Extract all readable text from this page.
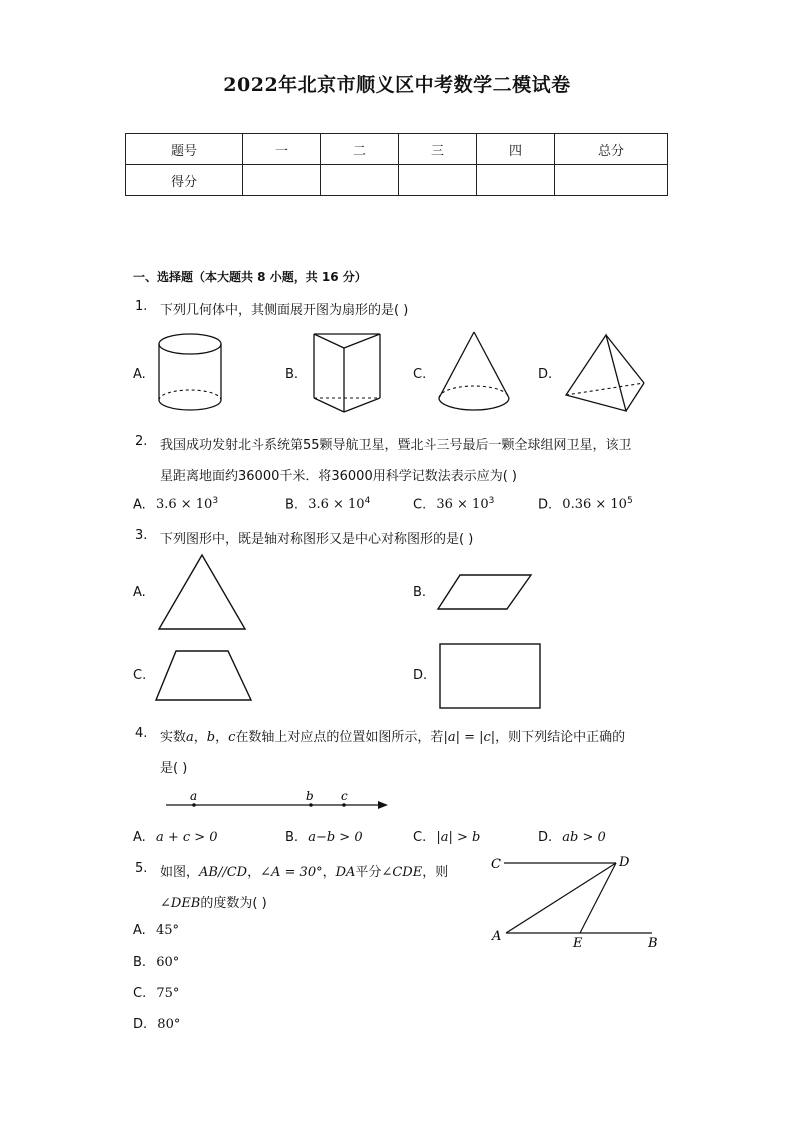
2022年北京市顺义区中考数学二模试卷
题号	一	二	三	四	总分
得分					
一、选择题（本大题共 8 小题，共 16 分）
1. 下列几何体中，其侧面展开图为扇形的是( )
A.	B.	C.	D.
2. 我国成功发射北斗系统第55颗导航卫星，暨北斗三号最后一颗全球组网卫星，该卫
星距离地面约36000千米．将36000用科学记数法表示应为( )
A. $3.6 \times 10^3$	B. $3.6 \times 10^4$	C. $36 \times 10^3$	D. $0.36 \times 10^5$
3. 下列图形中，既是轴对称图形又是中心对称图形的是( )
A.	B.
C.	D.
4. 实数a，b，c在数轴上对应点的位置如图所示，若|a| = |c|，则下列结论中正确的
是( )
a	b c
A. a + c > 0	B. a−b > 0	C. |a| > b	D. ab > 0
5. 如图，AB//CD，∠A = 30°，DA平分∠CDE，则
∠DEB的度数为( )
A. 45°
B. 60°
C. 75°
D. 80°
C	D
A	E	B
